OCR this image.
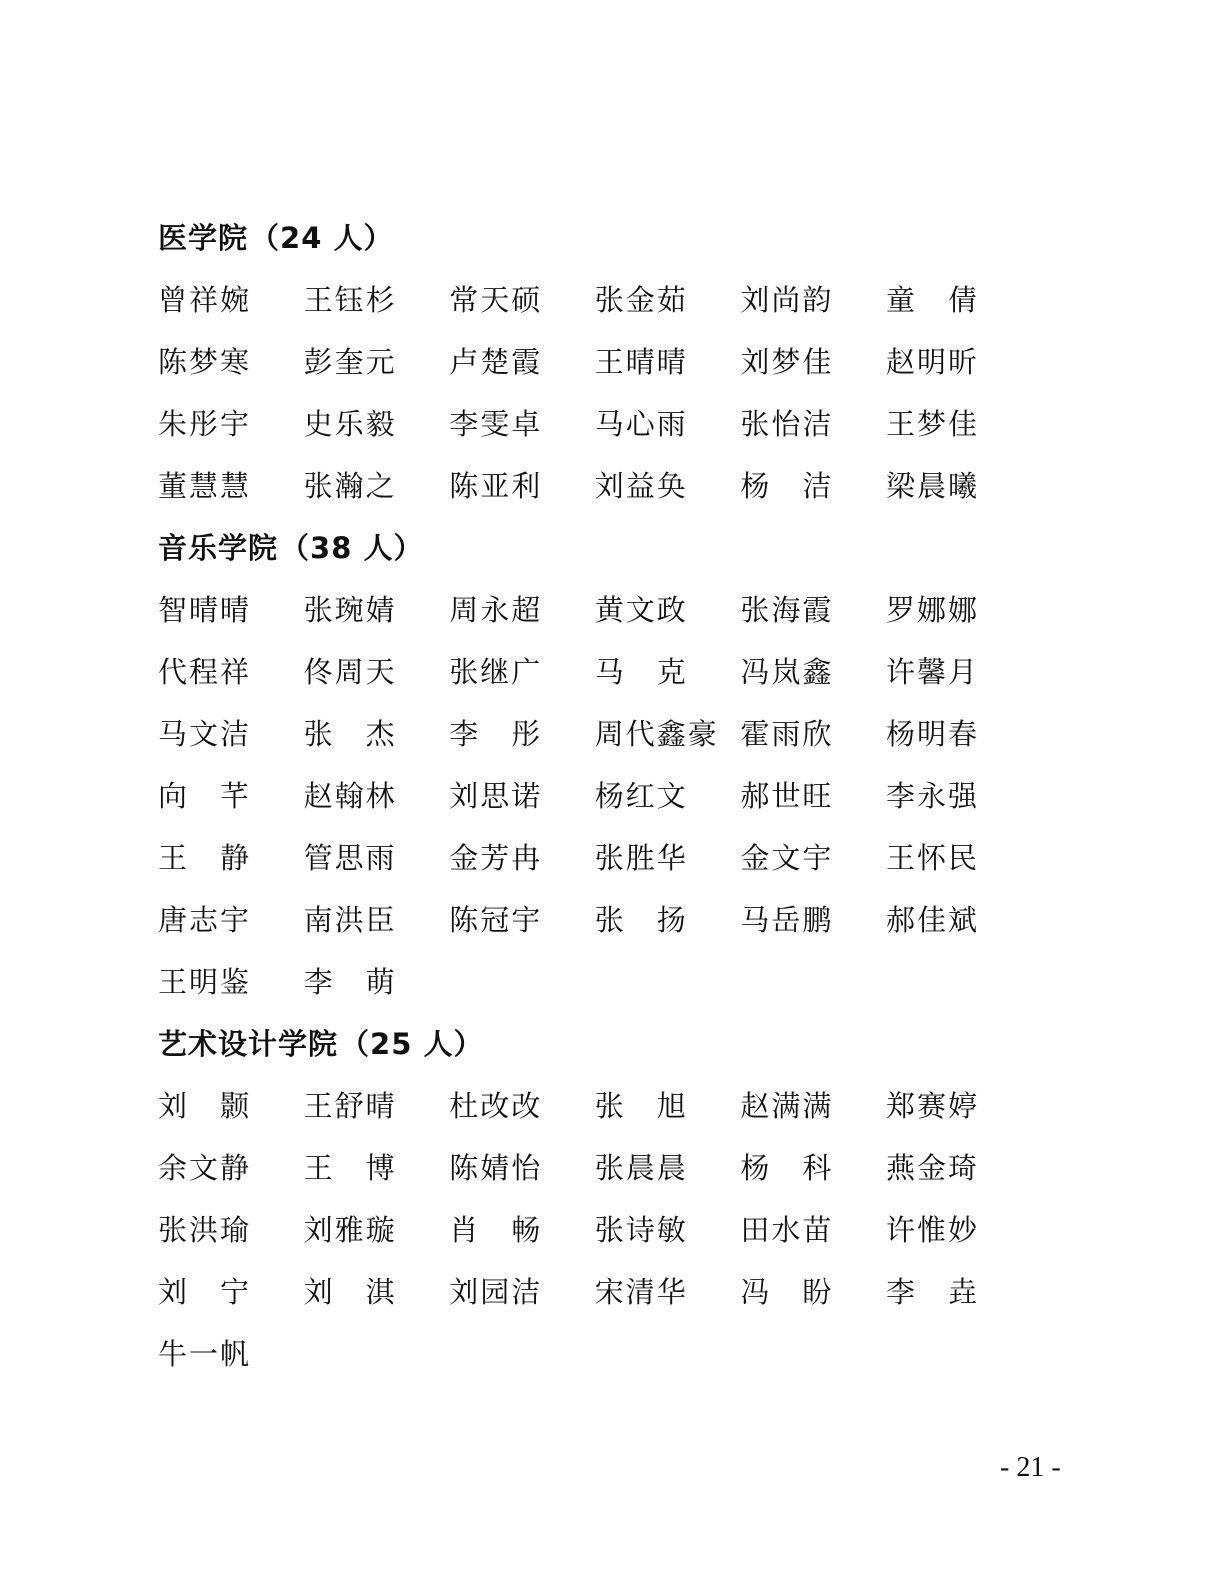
医学院（24 人）
曾祥婉	王钰杉	常天硕	张金茹	刘尚韵	童　倩
陈梦寒	彭奎元	卢楚霞	王晴晴	刘梦佳	赵明昕
朱彤宇	史乐毅	李雯卓	马心雨	张怡洁	王梦佳
董慧慧	张瀚之	陈亚利	刘益奂	杨　洁	梁晨曦
音乐学院（38 人）
智晴晴	张琬婧	周永超	黄文政	张海霞	罗娜娜
代程祥	佟周天	张继广	马　克	冯岚鑫	许馨月
马文洁	张　杰	李　彤	周代鑫豪 霍雨欣	杨明春
向　芊	赵翰林	刘思诺	杨红文	郝世旺	李永强
王　静	管思雨	金芳冉	张胜华	金文宇	王怀民
唐志宇	南洪臣	陈冠宇	张　扬	马岳鹏	郝佳斌
王明鉴	李　萌
艺术设计学院（25 人）
刘　颢	王舒晴	杜改改	张　旭	赵满满	郑赛婷
余文静	王　博	陈婧怡	张晨晨	杨　科	燕金琦
张洪瑜	刘雅璇	肖　畅	张诗敏	田水苗	许惟妙
刘　宁	刘　淇	刘园洁	宋清华	冯　盼	李　垚
牛一帆
- 21 -
